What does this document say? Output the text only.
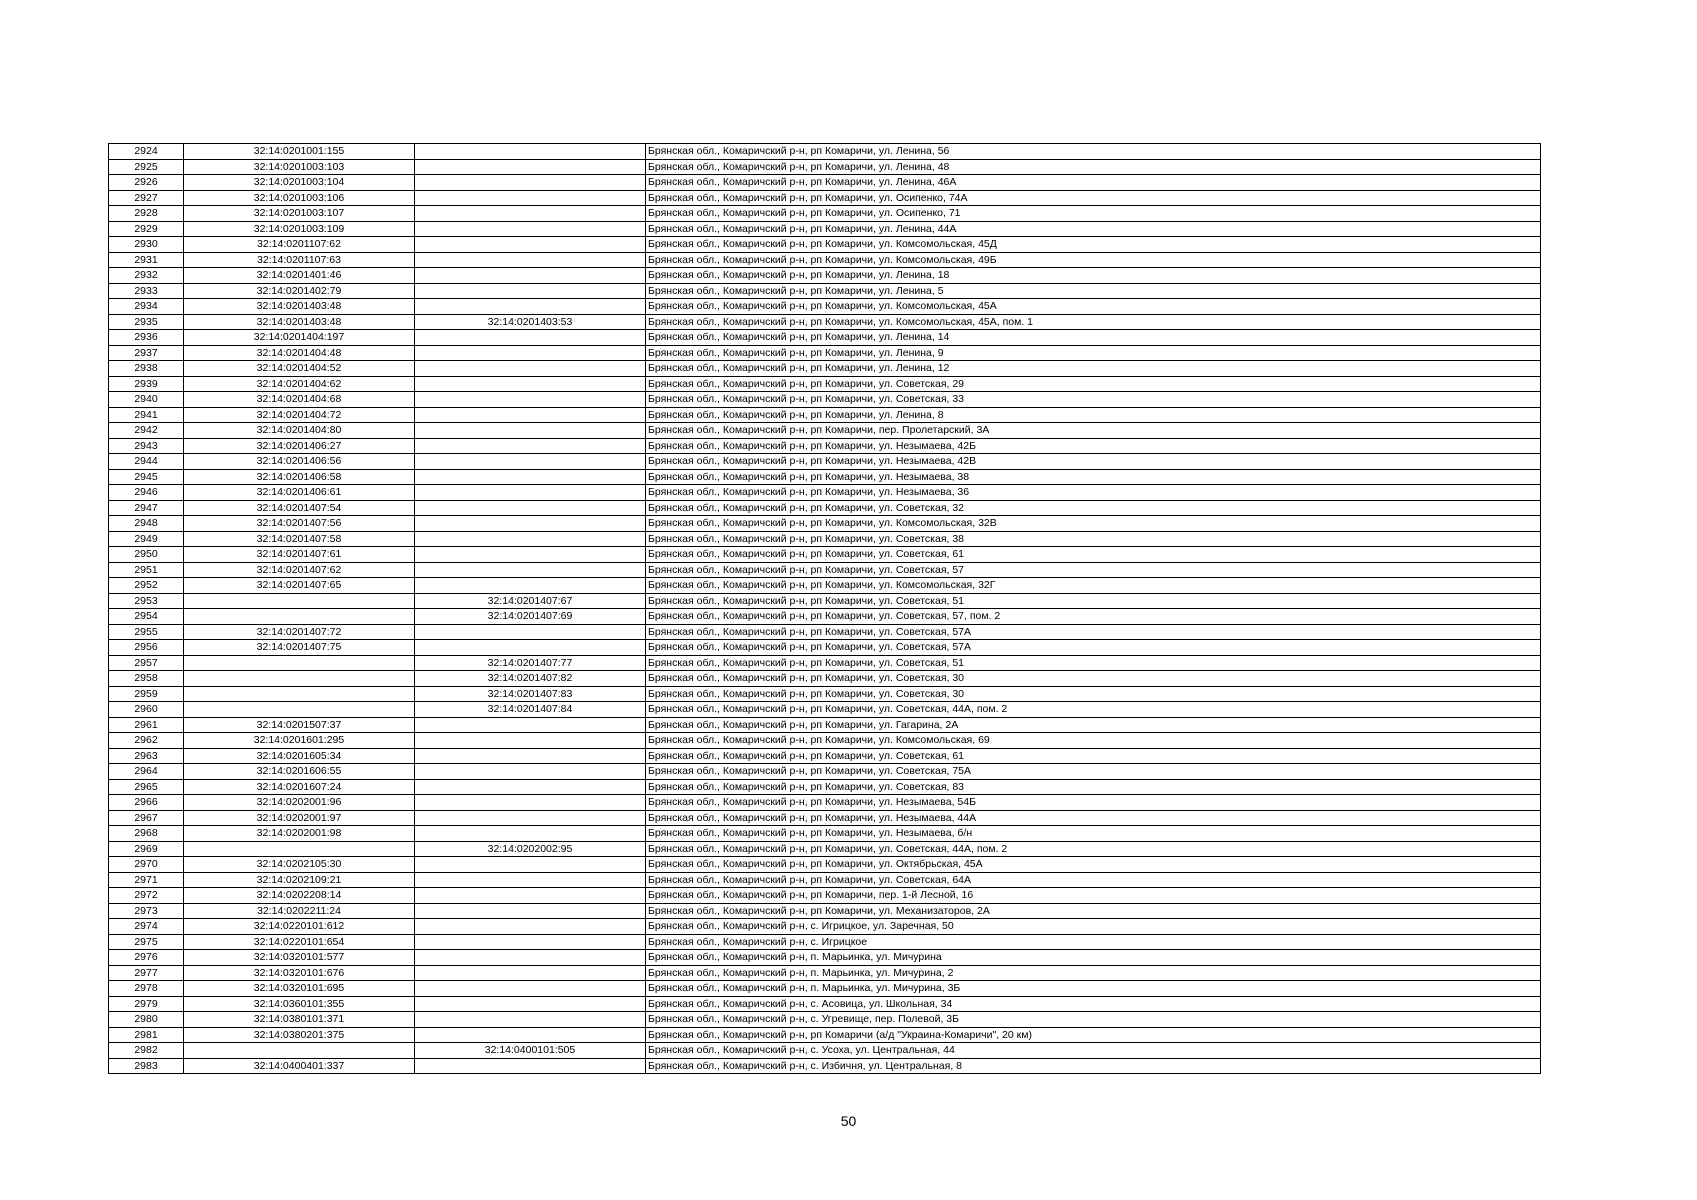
2924	32:14:0201001:155		Брянская обл., Комаричский р-н, рп Комаричи, ул. Ленина, 56
2925	32:14:0201003:103		Брянская обл., Комаричский р-н, рп Комаричи, ул. Ленина, 48
2926	32:14:0201003:104		Брянская обл., Комаричский р-н, рп Комаричи, ул. Ленина, 46А
2927	32:14:0201003:106		Брянская обл., Комаричский р-н, рп Комаричи, ул. Осипенко, 74А
2928	32:14:0201003:107		Брянская обл., Комаричский р-н, рп Комаричи, ул. Осипенко, 71
2929	32:14:0201003:109		Брянская обл., Комаричский р-н, рп Комаричи, ул. Ленина, 44А
2930	32:14:0201107:62		Брянская обл., Комаричский р-н, рп Комаричи, ул. Комсомольская, 45Д
2931	32:14:0201107:63		Брянская обл., Комаричский р-н, рп Комаричи, ул. Комсомольская, 49Б
2932	32:14:0201401:46		Брянская обл., Комаричский р-н, рп Комаричи, ул. Ленина, 18
2933	32:14:0201402:79		Брянская обл., Комаричский р-н, рп Комаричи, ул. Ленина, 5
2934	32:14:0201403:48		Брянская обл., Комаричский р-н, рп Комаричи, ул. Комсомольская, 45А
2935	32:14:0201403:48	32:14:0201403:53	Брянская обл., Комаричский р-н, рп Комаричи, ул. Комсомольская, 45А, пом. 1
2936	32:14:0201404:197		Брянская обл., Комаричский р-н, рп Комаричи, ул. Ленина, 14
2937	32:14:0201404:48		Брянская обл., Комаричский р-н, рп Комаричи, ул. Ленина, 9
2938	32:14:0201404:52		Брянская обл., Комаричский р-н, рп Комаричи, ул. Ленина, 12
2939	32:14:0201404:62		Брянская обл., Комаричский р-н, рп Комаричи, ул. Советская, 29
2940	32:14:0201404:68		Брянская обл., Комаричский р-н, рп Комаричи, ул. Советская, 33
2941	32:14:0201404:72		Брянская обл., Комаричский р-н, рп Комаричи, ул. Ленина, 8
2942	32:14:0201404:80		Брянская обл., Комаричский р-н, рп Комаричи, пер. Пролетарский, 3А
2943	32:14:0201406:27		Брянская обл., Комаричский р-н, рп Комаричи, ул. Незымаева, 42Б
2944	32:14:0201406:56		Брянская обл., Комаричский р-н, рп Комаричи, ул. Незымаева, 42В
2945	32:14:0201406:58		Брянская обл., Комаричский р-н, рп Комаричи, ул. Незымаева, 38
2946	32:14:0201406:61		Брянская обл., Комаричский р-н, рп Комаричи, ул. Незымаева, 36
2947	32:14:0201407:54		Брянская обл., Комаричский р-н, рп Комаричи, ул. Советская, 32
2948	32:14:0201407:56		Брянская обл., Комаричский р-н, рп Комаричи, ул. Комсомольская, 32В
2949	32:14:0201407:58		Брянская обл., Комаричский р-н, рп Комаричи, ул. Советская, 38
2950	32:14:0201407:61		Брянская обл., Комаричский р-н, рп Комаричи, ул. Советская, 61
2951	32:14:0201407:62		Брянская обл., Комаричский р-н, рп Комаричи, ул. Советская, 57
2952	32:14:0201407:65		Брянская обл., Комаричский р-н, рп Комаричи, ул. Комсомольская, 32Г
2953		32:14:0201407:67	Брянская обл., Комаричский р-н, рп Комаричи, ул. Советская, 51
2954		32:14:0201407:69	Брянская обл., Комаричский р-н, рп Комаричи, ул. Советская, 57, пом. 2
2955	32:14:0201407:72		Брянская обл., Комаричский р-н, рп Комаричи, ул. Советская, 57А
2956	32:14:0201407:75		Брянская обл., Комаричский р-н, рп Комаричи, ул. Советская, 57А
2957		32:14:0201407:77	Брянская обл., Комаричский р-н, рп Комаричи, ул. Советская, 51
2958		32:14:0201407:82	Брянская обл., Комаричский р-н, рп Комаричи, ул. Советская, 30
2959		32:14:0201407:83	Брянская обл., Комаричский р-н, рп Комаричи, ул. Советская, 30
2960		32:14:0201407:84	Брянская обл., Комаричский р-н, рп Комаричи, ул. Советская, 44А, пом. 2
2961	32:14:0201507:37		Брянская обл., Комаричский р-н, рп Комаричи, ул. Гагарина, 2А
2962	32:14:0201601:295		Брянская обл., Комаричский р-н, рп Комаричи, ул. Комсомольская, 69
2963	32:14:0201605:34		Брянская обл., Комаричский р-н, рп Комаричи, ул. Советская, 61
2964	32:14:0201606:55		Брянская обл., Комаричский р-н, рп Комаричи, ул. Советская, 75А
2965	32:14:0201607:24		Брянская обл., Комаричский р-н, рп Комаричи, ул. Советская, 83
2966	32:14:0202001:96		Брянская обл., Комаричский р-н, рп Комаричи, ул. Незымаева, 54Б
2967	32:14:0202001:97		Брянская обл., Комаричский р-н, рп Комаричи, ул. Незымаева, 44А
2968	32:14:0202001:98		Брянская обл., Комаричский р-н, рп Комаричи, ул. Незымаева, б/н
2969		32:14:0202002:95	Брянская обл., Комаричский р-н, рп Комаричи, ул. Советская, 44А, пом. 2
2970	32:14:0202105:30		Брянская обл., Комаричский р-н, рп Комаричи, ул. Октябрьская, 45А
2971	32:14:0202109:21		Брянская обл., Комаричский р-н, рп Комаричи, ул. Советская, 64А
2972	32:14:0202208:14		Брянская обл., Комаричский р-н, рп Комаричи, пер. 1-й Лесной, 16
2973	32:14:0202211:24		Брянская обл., Комаричский р-н, рп Комаричи, ул. Механизаторов, 2А
2974	32:14:0220101:612		Брянская обл., Комаричский р-н, с. Игрицкое, ул. Заречная, 50
2975	32:14:0220101:654		Брянская обл., Комаричский р-н, с. Игрицкое
2976	32:14:0320101:577		Брянская обл., Комаричский р-н, п. Марьинка, ул. Мичурина
2977	32:14:0320101:676		Брянская обл., Комаричский р-н, п. Марьинка, ул. Мичурина, 2
2978	32:14:0320101:695		Брянская обл., Комаричский р-н, п. Марьинка, ул. Мичурина, 3Б
2979	32:14:0360101:355		Брянская обл., Комаричский р-н, с. Асовица, ул. Школьная, 34
2980	32:14:0380101:371		Брянская обл., Комаричский р-н, с. Угревище, пер. Полевой, 3Б
2981	32:14:0380201:375		Брянская обл., Комаричский р-н, рп Комаричи (а/д "Украина-Комаричи", 20 км)
2982		32:14:0400101:505	Брянская обл., Комаричский р-н, с. Усоха, ул. Центральная, 44
2983	32:14:0400401:337		Брянская обл., Комаричский р-н, с. Избичня, ул. Центральная, 8
50
